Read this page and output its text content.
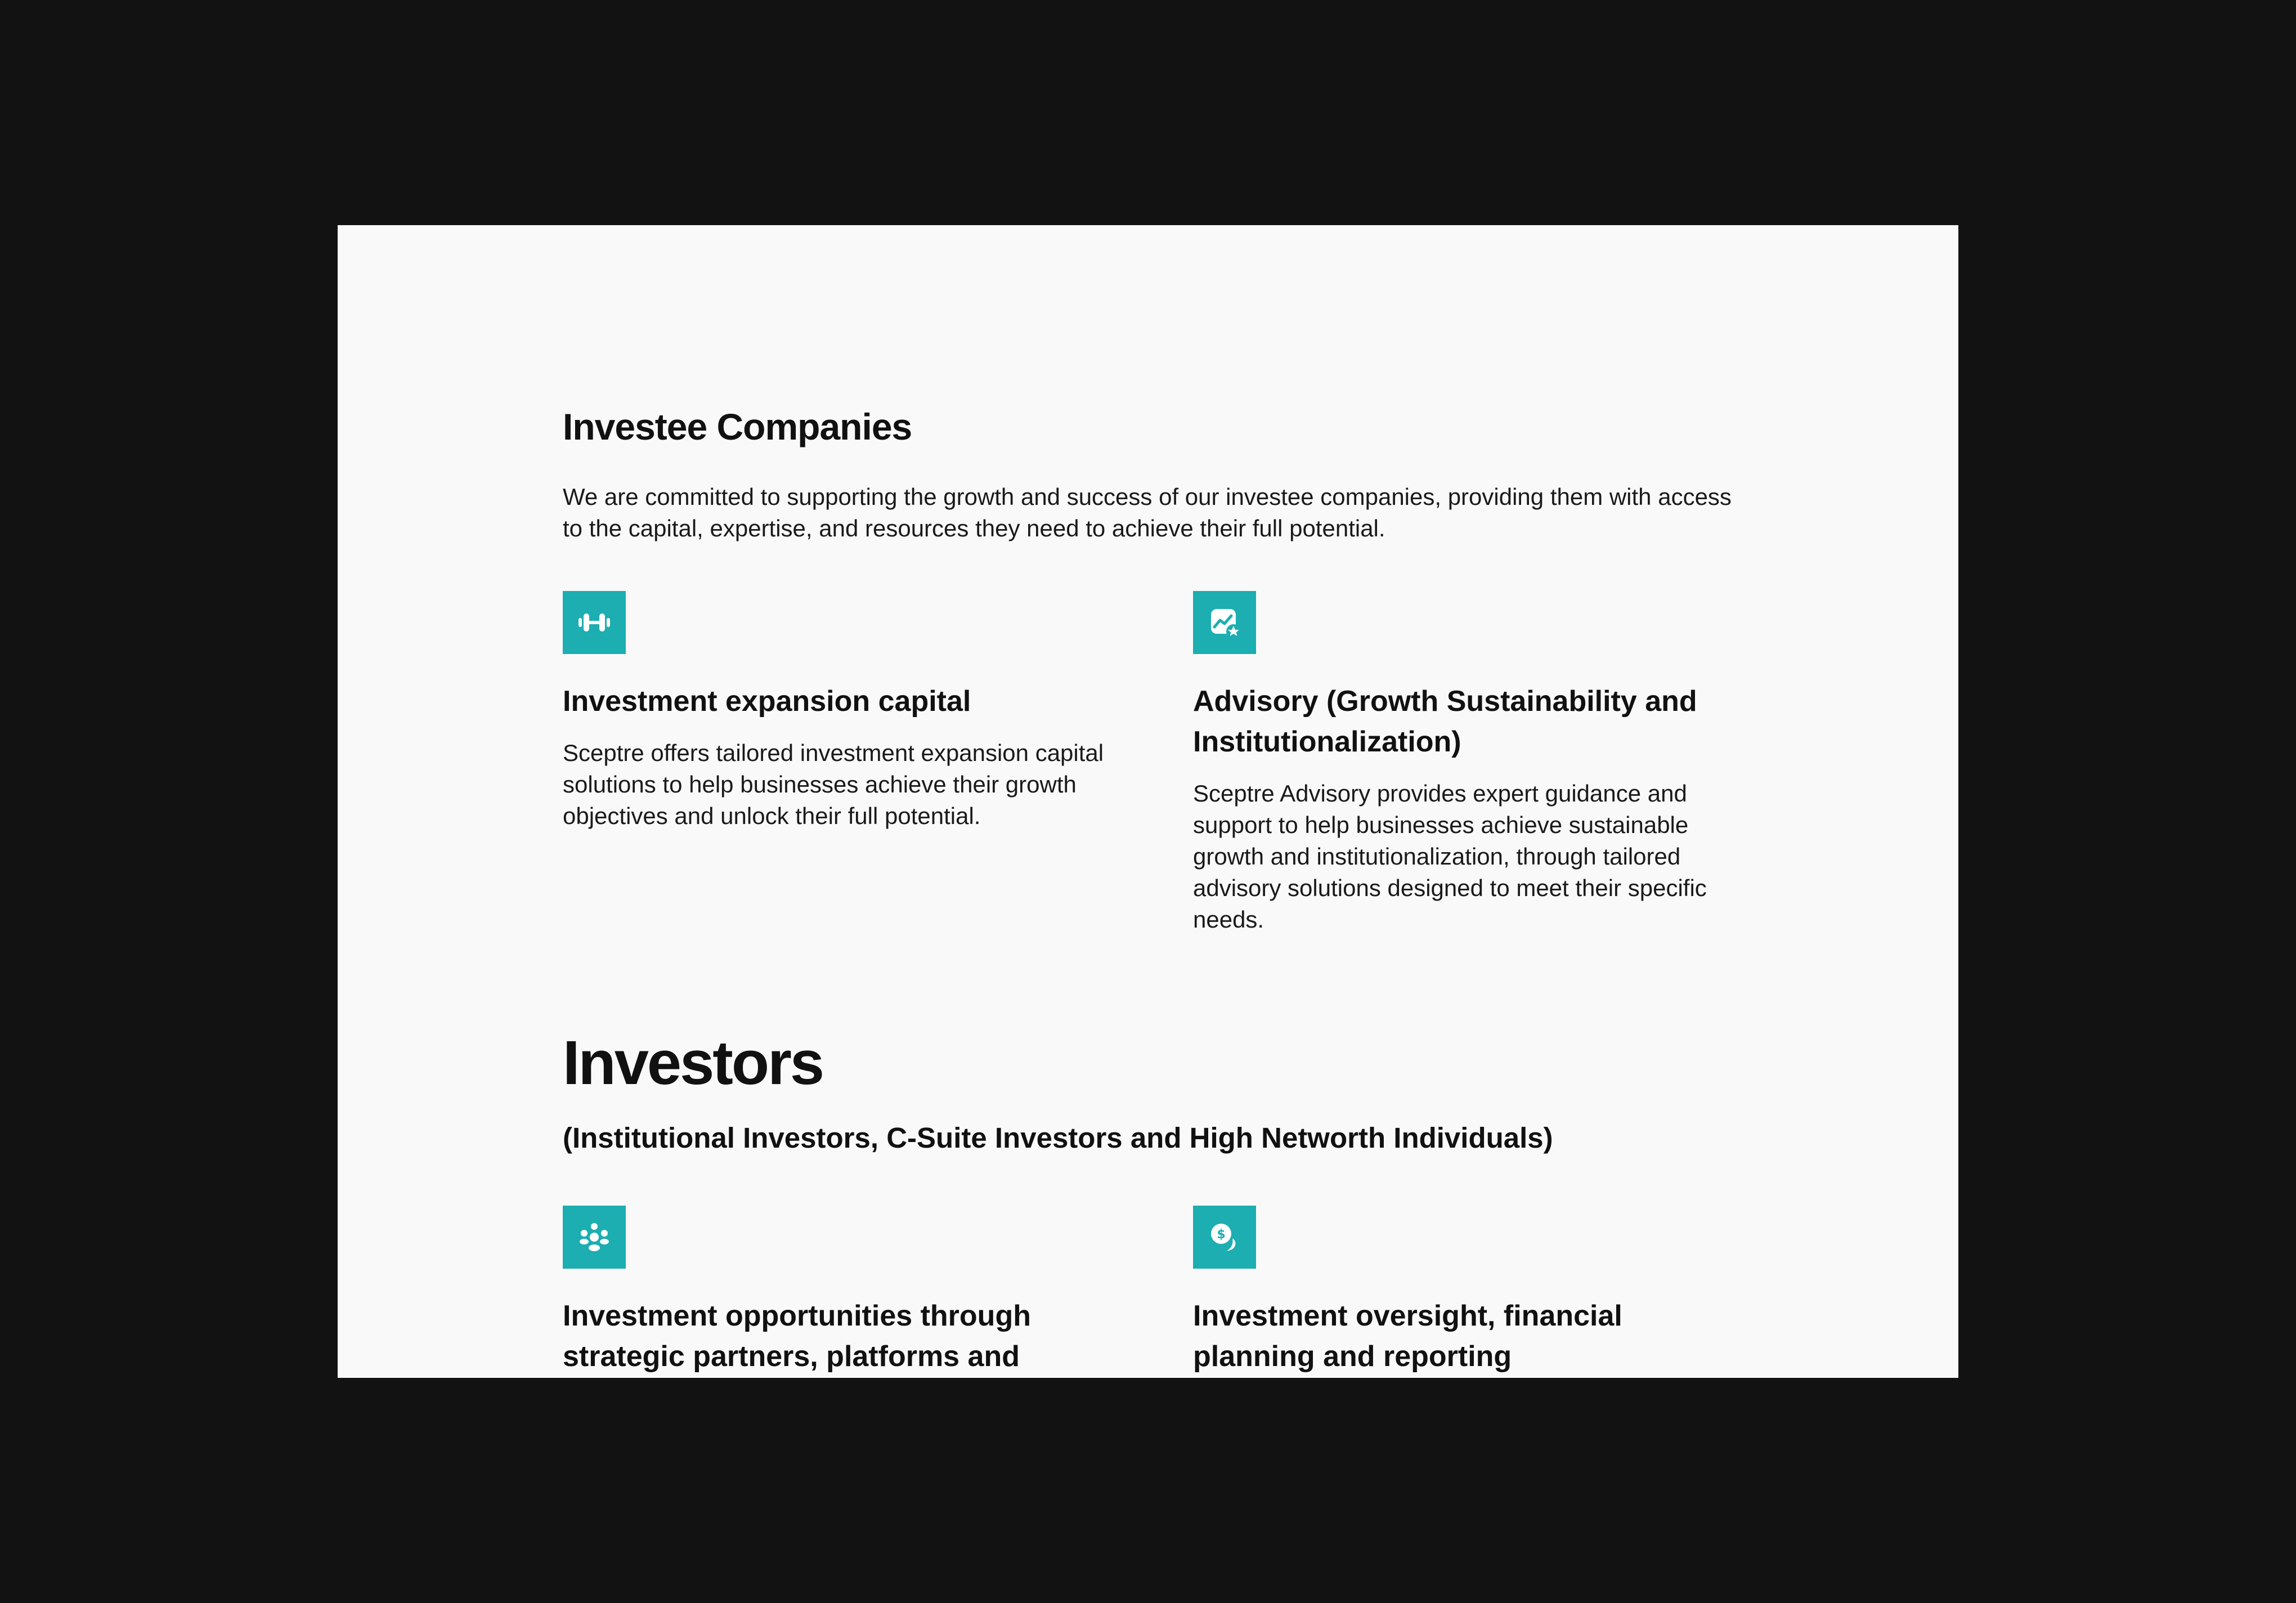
Investee Companies

We are committed to supporting the growth and success of our investee companies, providing them with access to the capital, expertise, and resources they need to achieve their full potential.

Investment expansion capital

Sceptre offers tailored investment expansion capital solutions to help businesses achieve their growth objectives and unlock their full potential.

Advisory (Growth Sustainability and Institutionalization)

Sceptre Advisory provides expert guidance and support to help businesses achieve sustainable growth and institutionalization, through tailored advisory solutions designed to meet their specific needs.

Investors

(Institutional Investors, C-Suite Investors and High Networth Individuals)

Investment opportunities through strategic partners, platforms and
$
Investment oversight, financial planning and reporting
